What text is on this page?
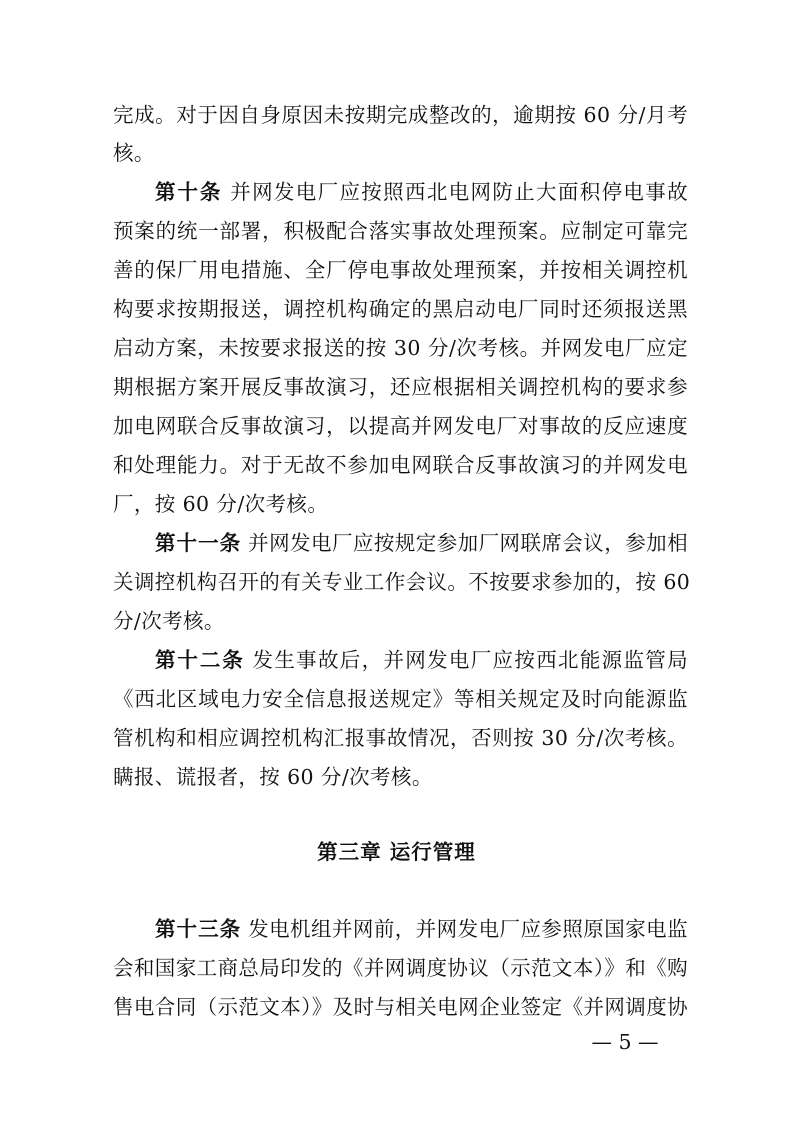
完成。对于因自身原因未按期完成整改的，逾期按 60 分/月考
核。
第十条 并网发电厂应按照西北电网防止大面积停电事故
预案的统一部署，积极配合落实事故处理预案。应制定可靠完
善的保厂用电措施、全厂停电事故处理预案，并按相关调控机
构要求按期报送，调控机构确定的黑启动电厂同时还须报送黑
启动方案，未按要求报送的按 30 分/次考核。并网发电厂应定
期根据方案开展反事故演习，还应根据相关调控机构的要求参
加电网联合反事故演习，以提高并网发电厂对事故的反应速度
和处理能力。对于无故不参加电网联合反事故演习的并网发电
厂，按 60 分/次考核。
第十一条 并网发电厂应按规定参加厂网联席会议，参加相
关调控机构召开的有关专业工作会议。不按要求参加的，按 60
分/次考核。
第十二条 发生事故后，并网发电厂应按西北能源监管局
《西北区域电力安全信息报送规定》等相关规定及时向能源监
管机构和相应调控机构汇报事故情况，否则按 30 分/次考核。
瞒报、谎报者，按 60 分/次考核。
第三章 运行管理
第十三条 发电机组并网前，并网发电厂应参照原国家电监
会和国家工商总局印发的《并网调度协议（示范文本）》和《购
售电合同（示范文本）》及时与相关电网企业签定《并网调度协
— 5 —
